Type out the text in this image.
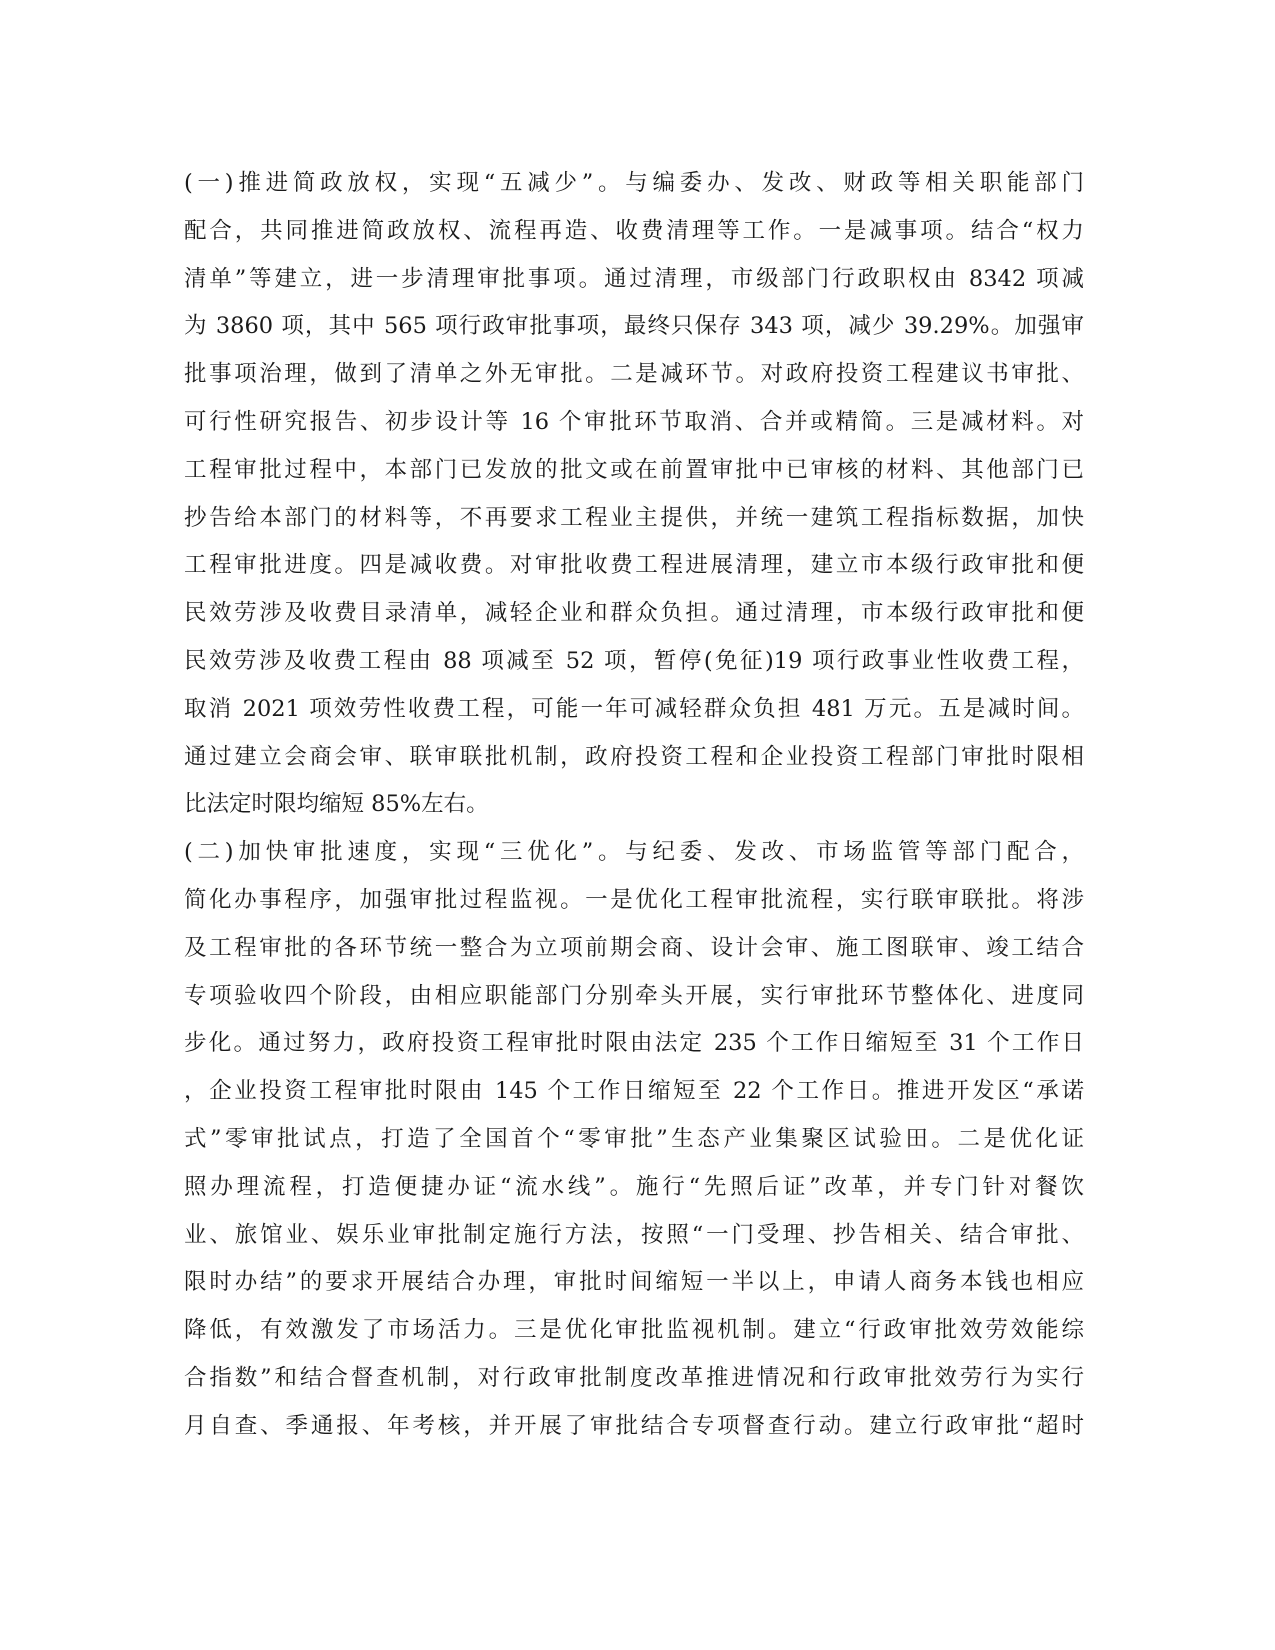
(一)推进简政放权，实现“五减少”。与编委办、发改、财政等相关职能部门
配合，共同推进简政放权、流程再造、收费清理等工作。一是减事项。结合“权力
清单”等建立，进一步清理审批事项。通过清理，市级部门行政职权由 8342 项减
为 3860 项，其中 565 项行政审批事项，最终只保存 343 项，减少 39.29%。加强审
批事项治理，做到了清单之外无审批。二是减环节。对政府投资工程建议书审批、
可行性研究报告、初步设计等 16 个审批环节取消、合并或精简。三是减材料。对
工程审批过程中，本部门已发放的批文或在前置审批中已审核的材料、其他部门已
抄告给本部门的材料等，不再要求工程业主提供，并统一建筑工程指标数据，加快
工程审批进度。四是减收费。对审批收费工程进展清理，建立市本级行政审批和便
民效劳涉及收费目录清单，减轻企业和群众负担。通过清理，市本级行政审批和便
民效劳涉及收费工程由 88 项减至 52 项，暂停(免征)19 项行政事业性收费工程，
取消 2021 项效劳性收费工程，可能一年可减轻群众负担 481 万元。五是减时间。
通过建立会商会审、联审联批机制，政府投资工程和企业投资工程部门审批时限相
比法定时限均缩短 85%左右。
(二)加快审批速度，实现“三优化”。与纪委、发改、市场监管等部门配合，
简化办事程序，加强审批过程监视。一是优化工程审批流程，实行联审联批。将涉
及工程审批的各环节统一整合为立项前期会商、设计会审、施工图联审、竣工结合
专项验收四个阶段，由相应职能部门分别牵头开展，实行审批环节整体化、进度同
步化。通过努力，政府投资工程审批时限由法定 235 个工作日缩短至 31 个工作日
，企业投资工程审批时限由 145 个工作日缩短至 22 个工作日。推进开发区“承诺
式”零审批试点，打造了全国首个“零审批”生态产业集聚区试验田。二是优化证
照办理流程，打造便捷办证“流水线”。施行“先照后证”改革，并专门针对餐饮
业、旅馆业、娱乐业审批制定施行方法，按照“一门受理、抄告相关、结合审批、
限时办结”的要求开展结合办理，审批时间缩短一半以上，申请人商务本钱也相应
降低，有效激发了市场活力。三是优化审批监视机制。建立“行政审批效劳效能综
合指数”和结合督查机制，对行政审批制度改革推进情况和行政审批效劳行为实行
月自查、季通报、年考核，并开展了审批结合专项督查行动。建立行政审批“超时
